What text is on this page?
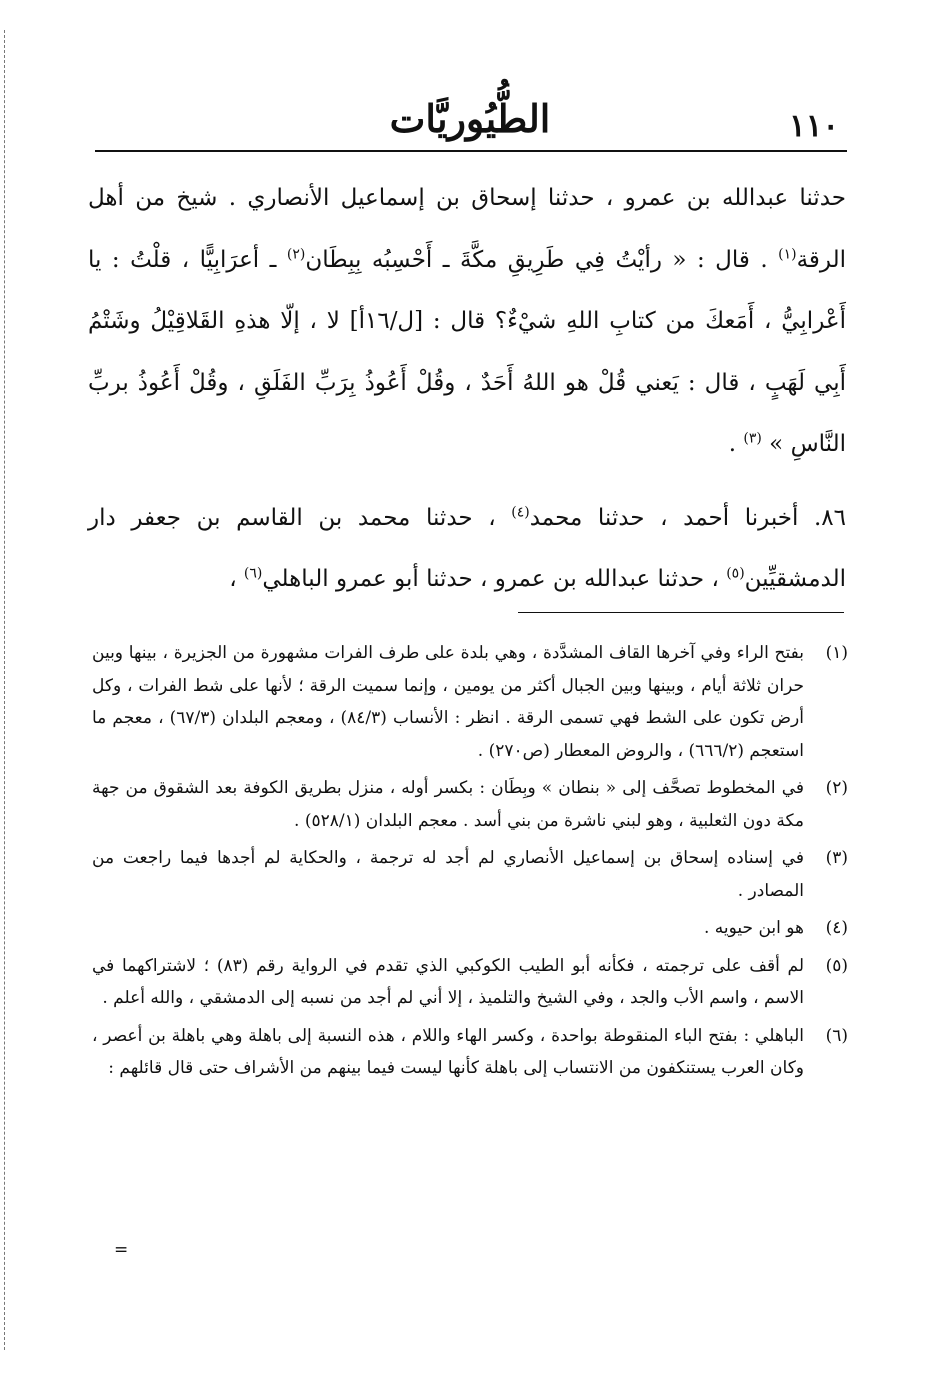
١١٠
الطُّيُوريَّات

حدثنا عبدالله بن عمرو ، حدثنا إسحاق بن إسماعيل الأنصاري . شيخ من أهل الرقة$^{(١)}$ . قال : « رأيْتُ فِي طَرِيقِ مكَّةَ ـ أَحْسِبُه بِبِطَان$^{(٢)}$ ـ أعرَابِيًّا ، قلْتُ : يا أَعْرابِيُّ ، أَمَعكَ من كتابِ اللهِ شيْءٌ؟ قال : [ل/١٦أ] لا ، إلّا هذهِ القَلاقِيْلُ وشَتْمُ أَبِي لَهَبٍ ، قال : يَعني قُلْ هو اللهُ أَحَدٌ ، وقُلْ أَعُوذُ بِرَبِّ الفَلَقِ ، وقُلْ أَعُوذُ بربِّ النَّاسِ » $^{(٣)}$ .

٨٦. أخبرنا أحمد ، حدثنا محمد$^{(٤)}$ ، حدثنا محمد بن القاسم بن جعفر دار الدمشقيِّين$^{(٥)}$ ، حدثنا عبدالله بن عمرو ، حدثنا أبو عمرو الباهلي$^{(٦)}$ ،

(١)
بفتح الراء وفي آخرها القاف المشدَّدة ، وهي بلدة على طرف الفرات مشهورة من الجزيرة ، بينها وبين حران ثلاثة أيام ، وبينها وبين الجبال أكثر من يومين ، وإنما سميت الرقة ؛ لأنها على شط الفرات ، وكل أرض تكون على الشط فهي تسمى الرقة . انظر : الأنساب (٨٤/٣) ، ومعجم البلدان (٦٧/٣) ، معجم ما استعجم (٦٦٦/٢) ، والروض المعطار (ص٢٧٠) .
(٢)
في المخطوط تصحَّف إلى « بنطان » وبِطَان : بكسر أوله ، منزل بطريق الكوفة بعد الشقوق من جهة مكة دون الثعلبية ، وهو لبني ناشرة من بني أسد . معجم البلدان (٥٢٨/١) .
(٣)
في إسناده إسحاق بن إسماعيل الأنصاري لم أجد له ترجمة ، والحكاية لم أجدها فيما راجعت من المصادر .
(٤)
هو ابن حيويه .
(٥)
لم أقف على ترجمته ، فكأنه أبو الطيب الكوكبي الذي تقدم في الرواية رقم (٨٣) ؛ لاشتراكهما في الاسم ، واسم الأب والجد ، وفي الشيخ والتلميذ ، إلا أني لم أجد من نسبه إلى الدمشقي ، والله أعلم .
(٦)
الباهلي : بفتح الباء المنقوطة بواحدة ، وكسر الهاء واللام ، هذه النسبة إلى باهلة وهي باهلة بن أعصر ، وكان العرب يستنكفون من الانتساب إلى باهلة كأنها ليست فيما بينهم من الأشراف حتى قال قائلهم :
=
